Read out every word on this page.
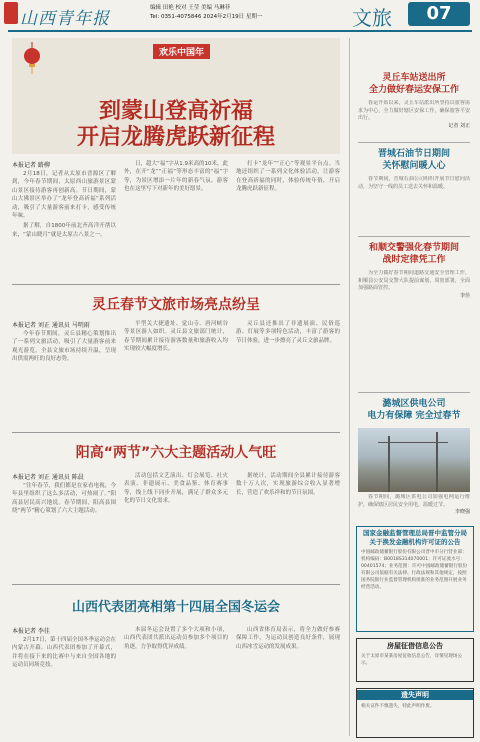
山西青年报
编辑 田艳 校对 王莹 美编 马琳菲
Tel: 0351-4075846 2024年2月19日 星期一	文旅	07
欢乐中国年
到蒙山登高祈福
开启龙腾虎跃新征程
本报记者 路柳

2月18日，记者从太原市晋源区了解到，今年春节期间，太原西山旅游景区蒙山景区接待游客再创新高。节日期间，蒙山大佛景区举办了“龙年登高祈福”系列活动，吸引了大量游客前来打卡，感受传统年味。

据了解，自1800年前北齐高洋开凿以来，“蒙山晓月”就是太原古八景之一。

日，超大“福”字从1.9米高的10米，此外，在开“龙”“正福”等形态丰富的“福”字等，为景区增添一片年的新春气氛。游客也在这里写下对新年的美好愿景。

打卡“龙年”“正心”等观景平台点。当地还组织了一系列文化体验活动，让游客在登高祈福的同时，体验传统年俗，开启龙腾虎跃新征程。

灵丘春节文旅市场亮点纷呈
本报记者 刘正 通讯员 马明雨

今年春节期间，灵丘县精心策划推出了一系列文旅活动，吸引了大量游客前来观光游览。全县文旅市场持续升温，呈现出供需两旺的良好态势。

平型关大捷遗址、觉山寺、唐河峡谷等景区游人如织。灵丘县文旅部门统计，春节期间累计接待游客数量和旅游收入均实现较大幅度增长。

灵丘县还推出了非遗展演、民俗巡游、灯展等多项特色活动，丰富了游客的节日体验，进一步擦亮了灵丘文旅品牌。

阳高“两节”六大主题活动人气旺
本报记者 刘正 通讯员 陈晨

“往年春节，我们都是在家看电视，今年县里组织了这么多活动，可热闹了。”阳高县居民高兴地说。春节期间，阳高县围绕“两节”精心策划了六大主题活动。

活动包括文艺演出、灯会展览、社火表演、非遗展示、美食品鉴、体育赛事等，线上线下同步开展，满足了群众多元化的节日文化需求。

据统计，活动期间全县累计接待游客数十万人次，实现旅游综合收入显著增长，营造了欢乐祥和的节日氛围。

山西代表团亮相第十四届全国冬运会
本报记者 李佳

2月17日，第十四届全国冬季运动会在内蒙古开幕。山西代表团参加了开幕式，并将在接下来的比赛中与来自全国各地的运动员同场竞技。

本届冬运会设置了多个大项和小项，山西代表团共派出运动员参加多个项目的角逐，力争取得优异成绩。

山西省体育局表示，将全力做好参赛保障工作，为运动员创造良好条件，展现山西冰雪运动的发展成果。

灵丘车站送出所
全力做好春运安保工作

春运开始以来，灵丘车站派出所坚持以旅客需求为中心，全力做好辖区安保工作，确保旅客平安出行。

记者 刘正
晋城石油节日期间
关怀慰问暖人心

春节期间，晋城石油公司组织开展节日慰问活动，为坚守一线的员工送去关怀和温暖。

和顺交警强化春节期间
战时定律凭工作

为全力做好春节期间道路交通安全管理工作，和顺县公安局交警大队提前谋划、周密部署，全面加强路面管控。

李佳
潞城区供电公司
电力有保障 完全过春节

春节期间，潞城区供电公司加强电网运行维护，确保辖区居民安全用电，温暖过节。

李晓强
国家金融监督管理总局晋中监管分局
关于换发金融机构许可证的公告
中国邮政储蓄银行股份有限公司晋中市分行营业部：机构编码：B0018S314070001；许可证流水号：00401574；业务范围：许可中国邮政储蓄银行股份有限公司依据有关法律、行政法规和其他规定，按照国务院银行业监督管理机构批准的业务范围开展业务经营活动。
房屋征借信息公告
关于太原市某某房屋征收信息公告，详情见现场公示。
遗失声明
相关证件不慎遗失，特此声明作废。
